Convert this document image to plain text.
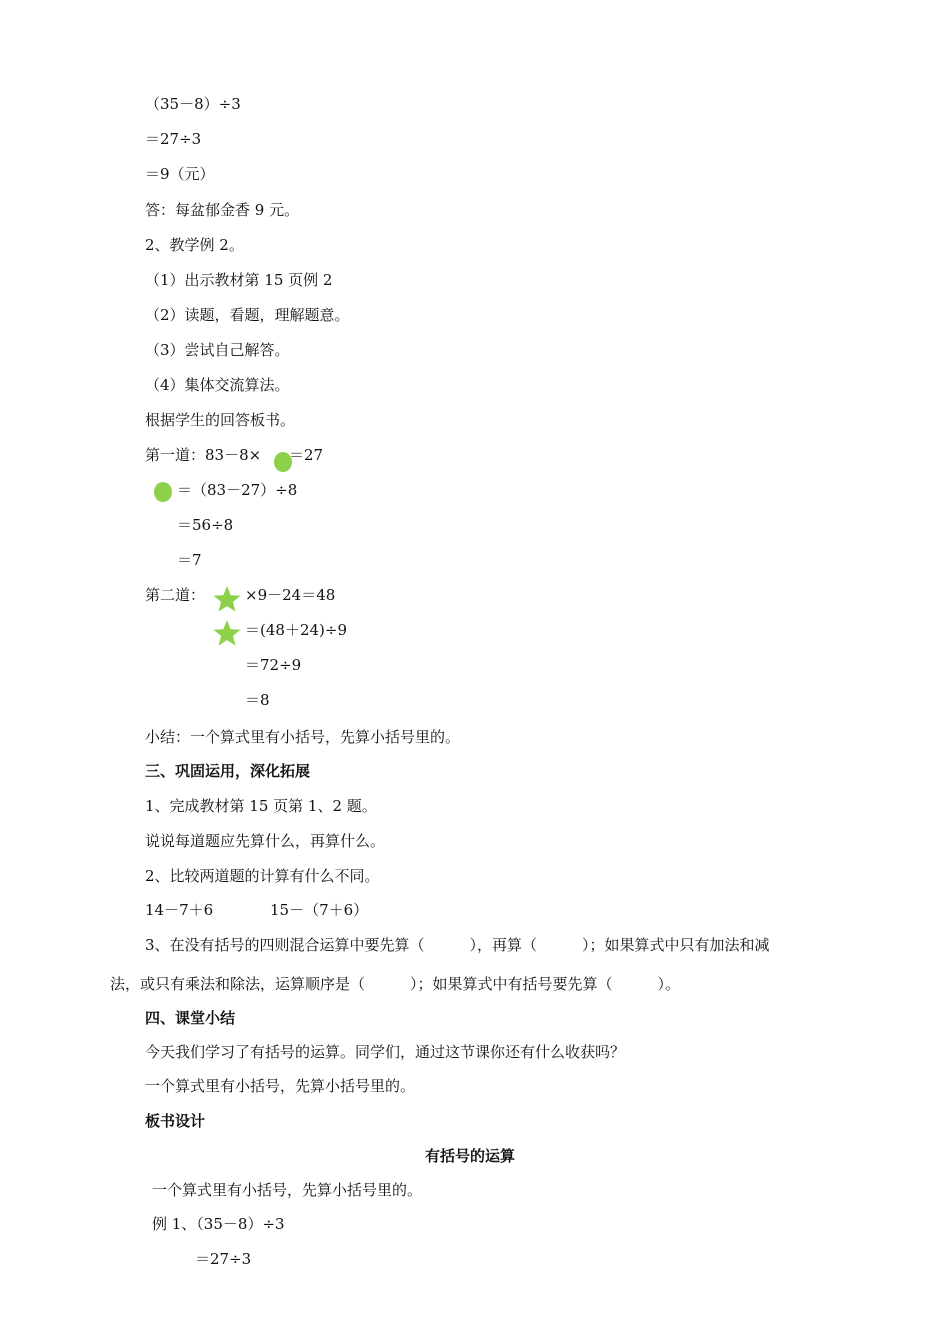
（35－8）÷3
＝27÷3
＝9（元）
答：每盆郁金香 9 元。
2、教学例 2。
（1）出示教材第 15 页例 2
（2）读题，看题，理解题意。
（3）尝试自己解答。
（4）集体交流算法。
根据学生的回答板书。
第一道：83－8× ＝27
＝（83－27）÷8
＝56÷8
＝7
第二道：	×9－24＝48
＝(48＋24)÷9
＝72÷9
＝8
小结：一个算式里有小括号，先算小括号里的。
三、巩固运用，深化拓展
1、完成教材第 15 页第 1、2 题。
说说每道题应先算什么，再算什么。
2、比较两道题的计算有什么不同。
14－7＋6	15－（7＋6）
3、在没有括号的四则混合运算中要先算（　　　），再算（　　　）；如果算式中只有加法和减
法，或只有乘法和除法，运算顺序是（　　　）；如果算式中有括号要先算（　　　）。
四、课堂小结
今天我们学习了有括号的运算。同学们，通过这节课你还有什么收获吗？
一个算式里有小括号，先算小括号里的。
板书设计
有括号的运算
一个算式里有小括号，先算小括号里的。
例 1、（35－8）÷3
＝27÷3
